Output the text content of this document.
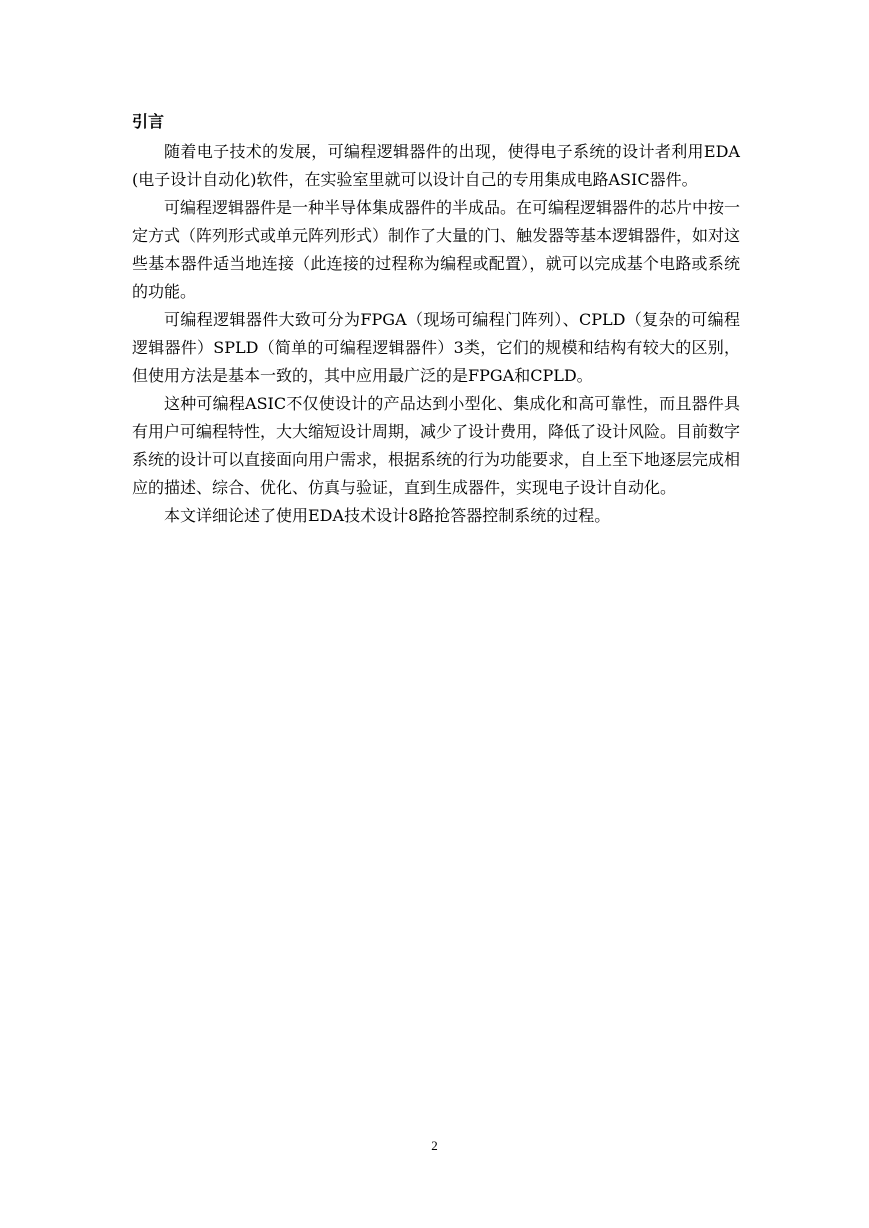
引言

随着电子技术的发展，可编程逻辑器件的出现，使得电子系统的设计者利用EDA(电子设计自动化)软件，在实验室里就可以设计自己的专用集成电路ASIC器件。

可编程逻辑器件是一种半导体集成器件的半成品。在可编程逻辑器件的芯片中按一定方式（阵列形式或单元阵列形式）制作了大量的门、触发器等基本逻辑器件，如对这些基本器件适当地连接（此连接的过程称为编程或配置），就可以完成基个电路或系统的功能。

可编程逻辑器件大致可分为FPGA（现场可编程门阵列）、CPLD（复杂的可编程逻辑器件）SPLD（简单的可编程逻辑器件）3类，它们的规模和结构有较大的区别，但使用方法是基本一致的，其中应用最广泛的是FPGA和CPLD。

这种可编程ASIC不仅使设计的产品达到小型化、集成化和高可靠性，而且器件具有用户可编程特性，大大缩短设计周期，减少了设计费用，降低了设计风险。目前数字系统的设计可以直接面向用户需求，根据系统的行为功能要求，自上至下地逐层完成相应的描述、综合、优化、仿真与验证，直到生成器件，实现电子设计自动化。

本文详细论述了使用EDA技术设计8路抢答器控制系统的过程。

2
